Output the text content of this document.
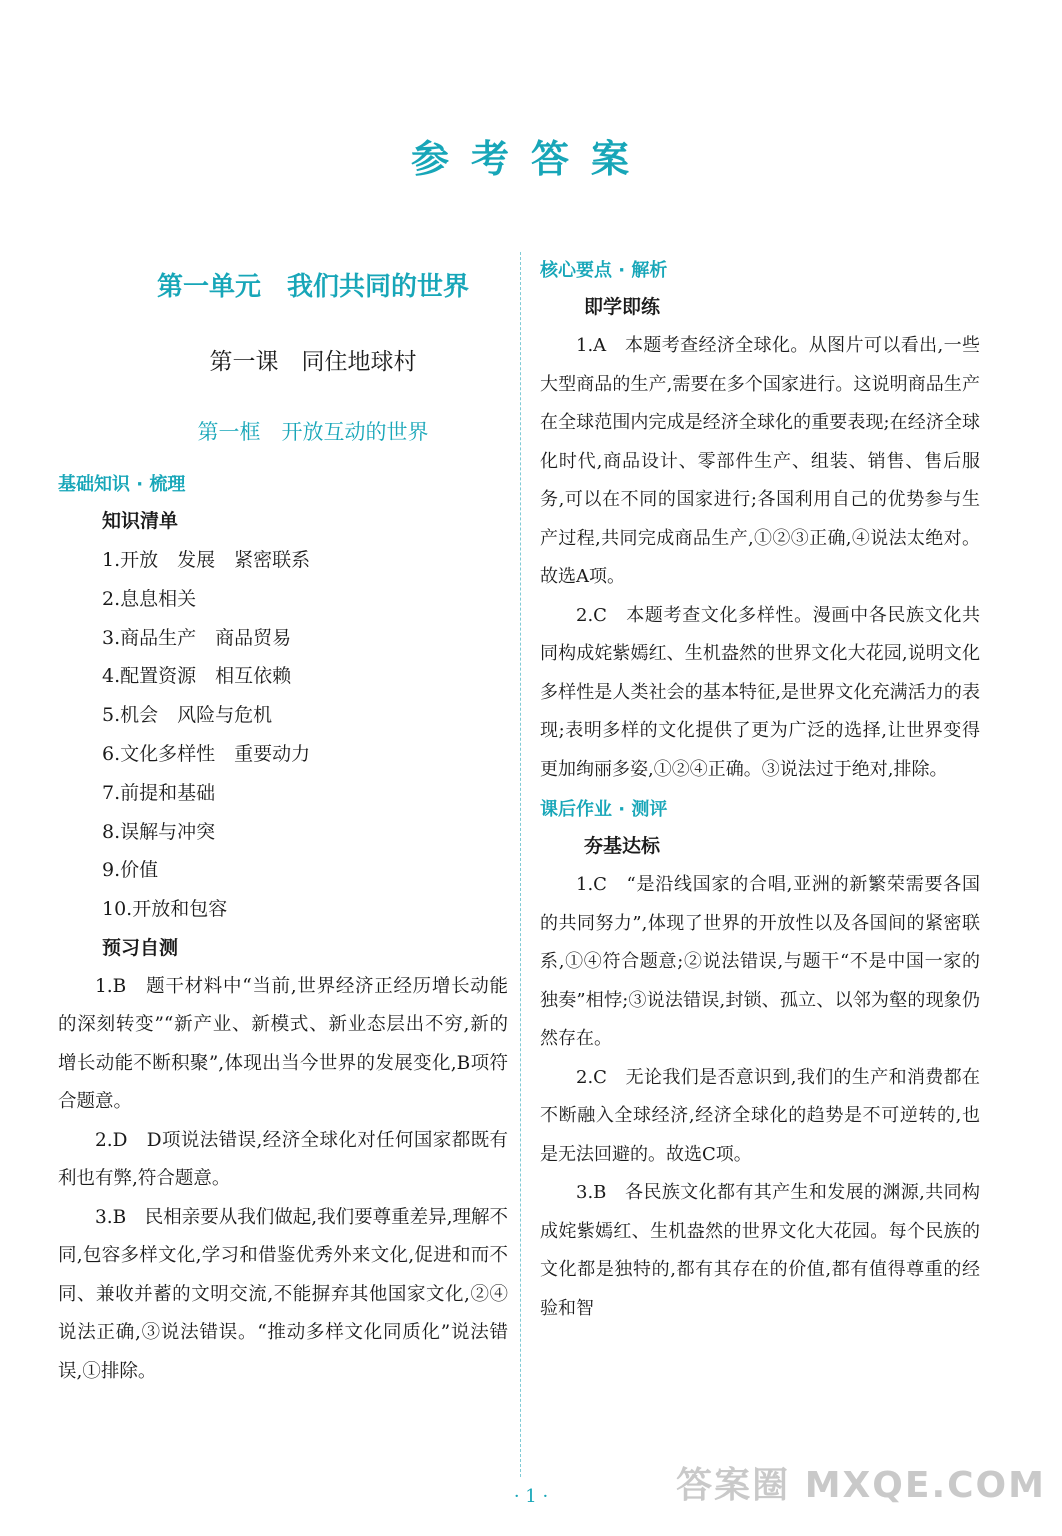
参考答案
第一单元　我们共同的世界
第一课　同住地球村
第一框　开放互动的世界
基础知识 · 梳理
知识清单
1.开放　发展　紧密联系
2.息息相关
3.商品生产　商品贸易
4.配置资源　相互依赖
5.机会　风险与危机
6.文化多样性　重要动力
7.前提和基础
8.误解与冲突
9.价值
10.开放和包容
预习自测

1.B　题干材料中“当前,世界经济正经历增长动能的深刻转变”“新产业、新模式、新业态层出不穷,新的增长动能不断积聚”,体现出当今世界的发展变化,B项符合题意。

2.D　D项说法错误,经济全球化对任何国家都既有利也有弊,符合题意。

3.B　民相亲要从我们做起,我们要尊重差异,理解不同,包容多样文化,学习和借鉴优秀外来文化,促进和而不同、兼收并蓄的文明交流,不能摒弃其他国家文化,②④说法正确,③说法错误。“推动多样文化同质化”说法错误,①排除。

核心要点 · 解析
即学即练

1.A　本题考查经济全球化。从图片可以看出,一些大型商品的生产,需要在多个国家进行。这说明商品生产在全球范围内完成是经济全球化的重要表现;在经济全球化时代,商品设计、零部件生产、组装、销售、售后服务,可以在不同的国家进行;各国利用自己的优势参与生产过程,共同完成商品生产,①②③正确,④说法太绝对。故选A项。

2.C　本题考查文化多样性。漫画中各民族文化共同构成姹紫嫣红、生机盎然的世界文化大花园,说明文化多样性是人类社会的基本特征,是世界文化充满活力的表现;表明多样的文化提供了更为广泛的选择,让世界变得更加绚丽多姿,①②④正确。③说法过于绝对,排除。

课后作业 · 测评
夯基达标

1.C　“是沿线国家的合唱,亚洲的新繁荣需要各国的共同努力”,体现了世界的开放性以及各国间的紧密联系,①④符合题意;②说法错误,与题干“不是中国一家的独奏”相悖;③说法错误,封锁、孤立、以邻为壑的现象仍然存在。

2.C　无论我们是否意识到,我们的生产和消费都在不断融入全球经济,经济全球化的趋势是不可逆转的,也是无法回避的。故选C项。

3.B　各民族文化都有其产生和发展的渊源,共同构成姹紫嫣红、生机盎然的世界文化大花园。每个民族的文化都是独特的,都有其存在的价值,都有值得尊重的经验和智

· 1 ·	答案圈 MXQE.COM
